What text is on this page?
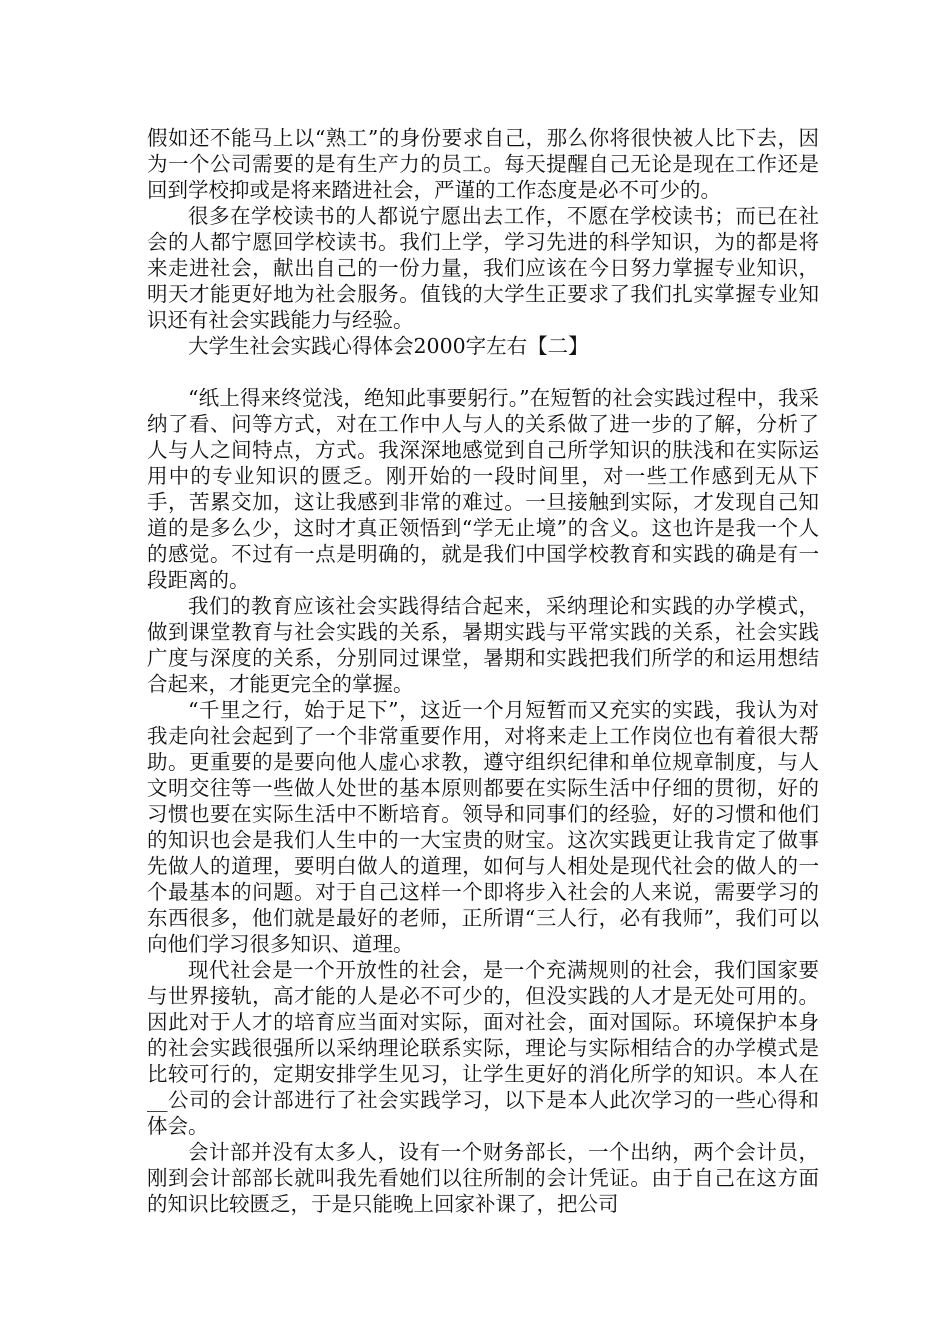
假如还不能马上以“熟工”的身份要求自己，那么你将很快被人比下去，因为一个公司需要的是有生产力的员工。每天提醒自己无论是现在工作还是回到学校抑或是将来踏进社会，严谨的工作态度是必不可少的。

很多在学校读书的人都说宁愿出去工作，不愿在学校读书；而已在社会的人都宁愿回学校读书。我们上学，学习先进的科学知识，为的都是将来走进社会，献出自己的一份力量，我们应该在今日努力掌握专业知识，明天才能更好地为社会服务。值钱的大学生正要求了我们扎实掌握专业知识还有社会实践能力与经验。

大学生社会实践心得体会2000字左右【二】

“纸上得来终觉浅，绝知此事要躬行。”在短暂的社会实践过程中，我采纳了看、问等方式，对在工作中人与人的关系做了进一步的了解，分析了人与人之间特点，方式。我深深地感觉到自己所学知识的肤浅和在实际运用中的专业知识的匮乏。刚开始的一段时间里，对一些工作感到无从下手，苦累交加，这让我感到非常的难过。一旦接触到实际，才发现自己知道的是多么少，这时才真正领悟到“学无止境”的含义。这也许是我一个人的感觉。不过有一点是明确的，就是我们中国学校教育和实践的确是有一段距离的。

我们的教育应该社会实践得结合起来，采纳理论和实践的办学模式，做到课堂教育与社会实践的关系，暑期实践与平常实践的关系，社会实践广度与深度的关系，分别同过课堂，暑期和实践把我们所学的和运用想结合起来，才能更完全的掌握。

“千里之行，始于足下”，这近一个月短暂而又充实的实践，我认为对我走向社会起到了一个非常重要作用，对将来走上工作岗位也有着很大帮助。更重要的是要向他人虚心求教，遵守组织纪律和单位规章制度，与人文明交往等一些做人处世的基本原则都要在实际生活中仔细的贯彻，好的习惯也要在实际生活中不断培育。领导和同事们的经验，好的习惯和他们的知识也会是我们人生中的一大宝贵的财宝。这次实践更让我肯定了做事先做人的道理，要明白做人的道理，如何与人相处是现代社会的做人的一个最基本的问题。对于自己这样一个即将步入社会的人来说，需要学习的东西很多，他们就是最好的老师，正所谓“三人行，必有我师”，我们可以向他们学习很多知识、道理。

现代社会是一个开放性的社会，是一个充满规则的社会，我们国家要与世界接轨，高才能的人是必不可少的，但没实践的人才是无处可用的。因此对于人才的培育应当面对实际，面对社会，面对国际。环境保护本身的社会实践很强所以采纳理论联系实际，理论与实际相结合的办学模式是比较可行的，定期安排学生见习，让学生更好的消化所学的知识。本人在__公司的会计部进行了社会实践学习，以下是本人此次学习的一些心得和体会。

会计部并没有太多人，设有一个财务部长，一个出纳，两个会计员，刚到会计部部长就叫我先看她们以往所制的会计凭证。由于自己在这方面的知识比较匮乏，于是只能晚上回家补课了，把公司
